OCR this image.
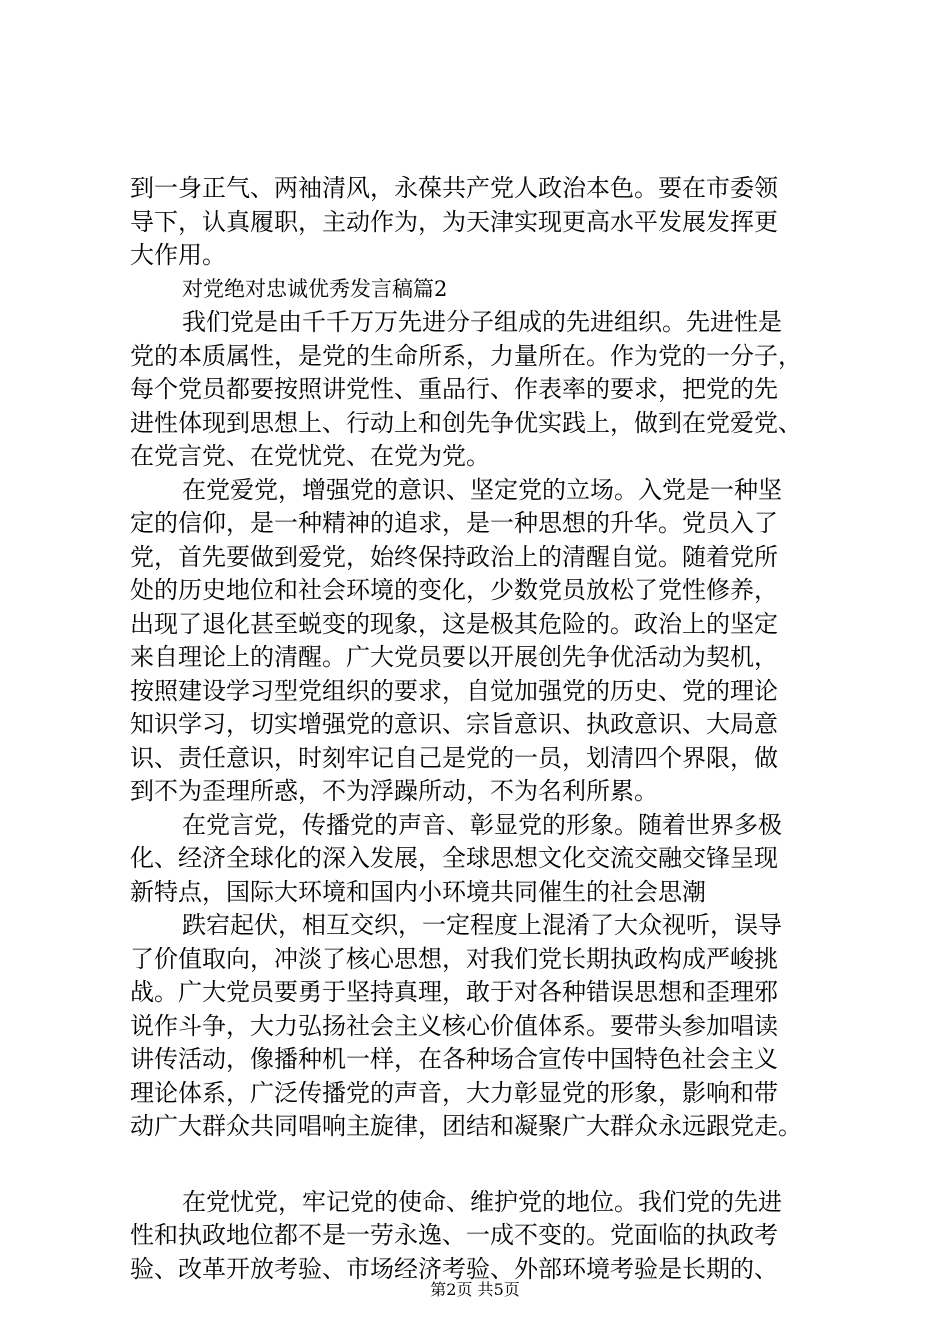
到一身正气、两袖清风，永葆共产党人政治本色。要在市委领
导下，认真履职，主动作为，为天津实现更高水平发展发挥更
大作用。
对党绝对忠诚优秀发言稿篇2
我们党是由千千万万先进分子组成的先进组织。先进性是
党的本质属性，是党的生命所系，力量所在。作为党的一分子，
每个党员都要按照讲党性、重品行、作表率的要求，把党的先
进性体现到思想上、行动上和创先争优实践上，做到在党爱党、
在党言党、在党忧党、在党为党。
在党爱党，增强党的意识、坚定党的立场。入党是一种坚
定的信仰，是一种精神的追求，是一种思想的升华。党员入了
党，首先要做到爱党，始终保持政治上的清醒自觉。随着党所
处的历史地位和社会环境的变化，少数党员放松了党性修养，
出现了退化甚至蜕变的现象，这是极其危险的。政治上的坚定
来自理论上的清醒。广大党员要以开展创先争优活动为契机，
按照建设学习型党组织的要求，自觉加强党的历史、党的理论
知识学习，切实增强党的意识、宗旨意识、执政意识、大局意
识、责任意识，时刻牢记自己是党的一员，划清四个界限，做
到不为歪理所惑，不为浮躁所动，不为名利所累。
在党言党，传播党的声音、彰显党的形象。随着世界多极
化、经济全球化的深入发展，全球思想文化交流交融交锋呈现
新特点，国际大环境和国内小环境共同催生的社会思潮
跌宕起伏，相互交织，一定程度上混淆了大众视听，误导
了价值取向，冲淡了核心思想，对我们党长期执政构成严峻挑
战。广大党员要勇于坚持真理，敢于对各种错误思想和歪理邪
说作斗争，大力弘扬社会主义核心价值体系。要带头参加唱读
讲传活动，像播种机一样，在各种场合宣传中国特色社会主义
理论体系，广泛传播党的声音，大力彰显党的形象，影响和带
动广大群众共同唱响主旋律，团结和凝聚广大群众永远跟党走。
在党忧党，牢记党的使命、维护党的地位。我们党的先进
性和执政地位都不是一劳永逸、一成不变的。党面临的执政考
验、改革开放考验、市场经济考验、外部环境考验是长期的、
第2页 共5页
